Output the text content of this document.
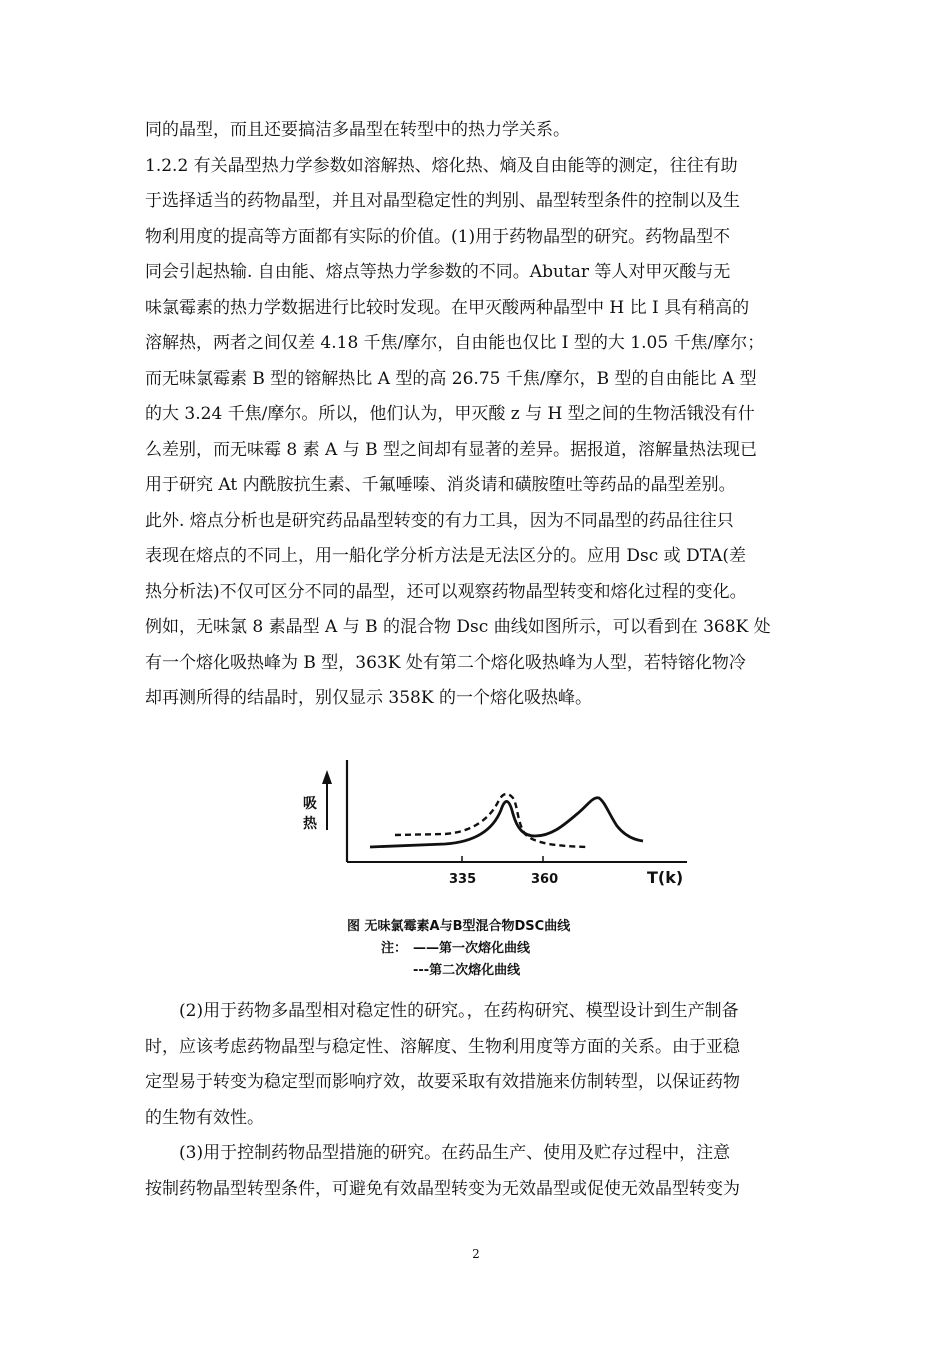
同的晶型，而且还要搞洁多晶型在转型中的热力学关系。
1.2.2 有关晶型热力学参数如溶解热、熔化热、熵及自由能等的测定，往往有助
于选择适当的药物晶型，并且对晶型稳定性的判别、晶型转型条件的控制以及生
物利用度的提高等方面都有实际的价值。(1)用于药物晶型的研究。药物晶型不
同会引起热输. 自由能、熔点等热力学参数的不同。Abutar 等人对甲灭酸与无
味氯霉素的热力学数据进行比较时发现。在甲灭酸两种晶型中 H 比 I 具有稍高的
溶解热，两者之间仅差 4.18 千焦/摩尔，自由能也仅比 I 型的大 1.05 千焦/摩尔；
而无味氯霉素 B 型的镕解热比 A 型的高 26.75 千焦/摩尔，B 型的自由能比 A 型
的大 3.24 千焦/摩尔。所以，他们认为，甲灭酸 z 与 H 型之间的生物活锇没有什
么差别，而无味霉 8 素 A 与 B 型之间却有显著的差异。据报道，溶解量热法现已
用于研究 At 内酰胺抗生素、千氟唾嗪、消炎请和磺胺堕吐等药品的晶型差别。
此外. 熔点分析也是研究药品晶型转变的有力工具，因为不同晶型的药品往往只
表现在熔点的不同上，用一船化学分析方法是无法区分的。应用 Dsc 或 DTA(差
热分析法)不仅可区分不同的晶型，还可以观察药物晶型转变和熔化过程的变化。
例如，无味氯 8 素晶型 A 与 B 的混合物 Dsc 曲线如图所示，可以看到在 368K 处
有一个熔化吸热峰为 B 型，363K 处有第二个熔化吸热峰为人型，若特镕化物冷
却再测所得的结晶时，别仅显示 358K 的一个熔化吸热峰。
吸热
335	360	T(k)
图 无味氯霉素A与B型混合物DSC曲线
注： ——第一次熔化曲线
---第二次熔化曲线
(2)用于药物多晶型相对稳定性的研究。，在药构研究、模型设计到生产制备
时，应该考虑药物晶型与稳定性、溶解度、生物利用度等方面的关系。由于亚稳
定型易于转变为稳定型而影响疗效，故要采取有效措施来仿制转型，以保证药物
的生物有效性。
(3)用于控制药物品型措施的研究。在药品生产、使用及贮存过程中，注意
按制药物晶型转型条件，可避免有效晶型转变为无效晶型或促使无效晶型转变为
2
